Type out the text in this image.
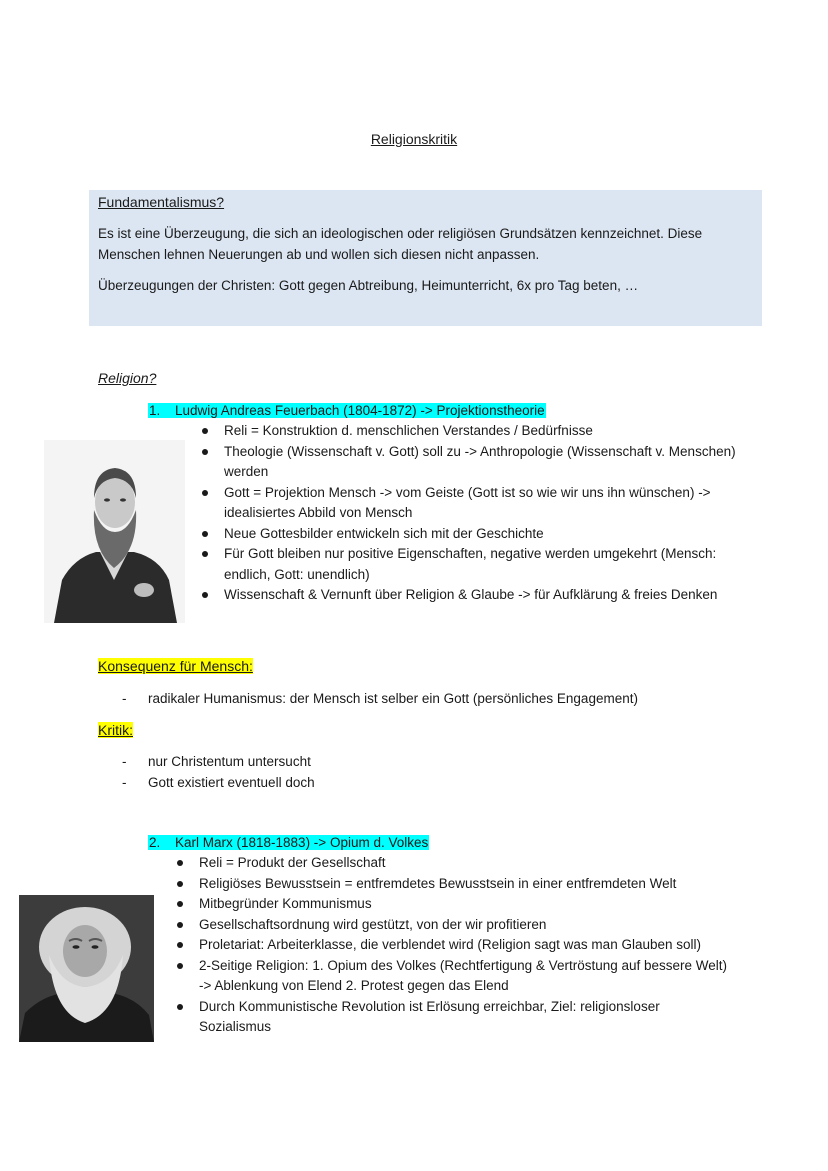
Religionskritik
Fundamentalismus?
Es ist eine Überzeugung, die sich an ideologischen oder religiösen Grundsätzen kennzeichnet. Diese Menschen lehnen Neuerungen ab und wollen sich diesen nicht anpassen.
Überzeugungen der Christen: Gott gegen Abtreibung, Heimunterricht, 6x pro Tag beten, …
Religion?
1. Ludwig Andreas Feuerbach (1804-1872) -> Projektionstheorie
Reli = Konstruktion d. menschlichen Verstandes / Bedürfnisse
Theologie (Wissenschaft v. Gott) soll zu -> Anthropologie (Wissenschaft v. Menschen) werden
Gott = Projektion Mensch -> vom Geiste (Gott ist so wie wir uns ihn wünschen) -> idealisiertes Abbild von Mensch
Neue Gottesbilder entwickeln sich mit der Geschichte
Für Gott bleiben nur positive Eigenschaften, negative werden umgekehrt (Mensch: endlich, Gott: unendlich)
Wissenschaft & Vernunft über Religion & Glaube -> für Aufklärung & freies Denken
Konsequenz für Mensch:
- radikaler Humanismus: der Mensch ist selber ein Gott (persönliches Engagement)
Kritik:
- nur Christentum untersucht
- Gott existiert eventuell doch
2. Karl Marx (1818-1883) -> Opium d. Volkes
Reli = Produkt der Gesellschaft
Religiöses Bewusstsein = entfremdetes Bewusstsein in einer entfremdeten Welt
Mitbegründer Kommunismus
Gesellschaftsordnung wird gestützt, von der wir profitieren
Proletariat: Arbeiterklasse, die verblendet wird (Religion sagt was man Glauben soll)
2-Seitige Religion: 1. Opium des Volkes (Rechtfertigung & Vertröstung auf bessere Welt) -> Ablenkung von Elend 2. Protest gegen das Elend
Durch Kommunistische Revolution ist Erlösung erreichbar, Ziel: religionsloser Sozialismus
